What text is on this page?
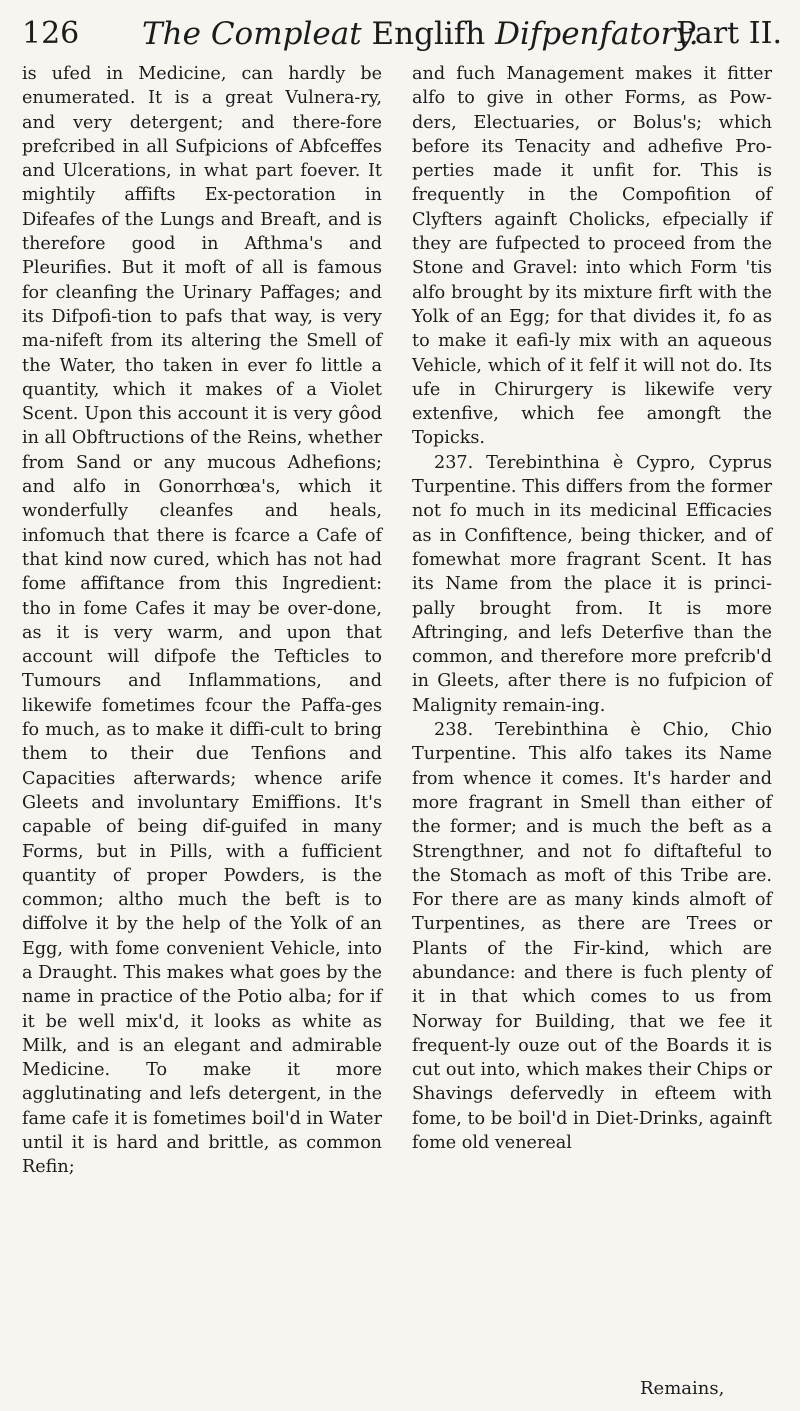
126 The Compleat Englifh Difpenfatory.
Part II.

is ufed in Medicine, can hardly be enumerated. It is a great Vulnera-ry, and very detergent; and there-fore prefcribed in all Sufpicions of Abfceffes and Ulcerations, in what part foever. It mightily affifts Ex-pectoration in Difeafes of the Lungs and Breaft, and is therefore good in Afthma's and Pleurifies. But it moft of all is famous for cleanfing the Urinary Paffages; and its Difpofi-tion to pafs that way, is very ma-nifeft from its altering the Smell of the Water, tho taken in ever fo little a quantity, which it makes of a Violet Scent. Upon this account it is very gôod in all Obftructions of the Reins, whether from Sand or any mucous Adhefions; and alfo in Gonorrhœa's, which it wonderfully cleanfes and heals, infomuch that there is fcarce a Cafe of that kind now cured, which has not had fome affiftance from this Ingredient: tho in fome Cafes it may be over-done, as it is very warm, and upon that account will difpofe the Tefticles to Tumours and Inflammations, and likewife fometimes fcour the Paffa-ges fo much, as to make it diffi-cult to bring them to their due Tenfions and Capacities afterwards; whence arife Gleets and involuntary Emiffions. It's capable of being dif-guifed in many Forms, but in Pills, with a fufficient quantity of proper Powders, is the common; altho much the beft is to diffolve it by the help of the Yolk of an Egg, with fome convenient Vehicle, into a Draught. This makes what goes by the name in practice of the Potio alba; for if it be well mix'd, it looks as white as Milk, and is an elegant and admirable Medicine. To make it more agglutinating and lefs detergent, in the fame cafe it is fometimes boil'd in Water until it is hard and brittle, as common Refin;

and fuch Management makes it fitter alfo to give in other Forms, as Pow-ders, Electuaries, or Bolus's; which before its Tenacity and adhefive Pro-perties made it unfit for. This is frequently in the Compofition of Clyfters againft Cholicks, efpecially if they are fufpected to proceed from the Stone and Gravel: into which Form 'tis alfo brought by its mixture firft with the Yolk of an Egg; for that divides it, fo as to make it eafi-ly mix with an aqueous Vehicle, which of it felf it will not do. Its ufe in Chirurgery is likewife very extenfive, which fee amongft the Topicks.

237. Terebinthina è Cypro, Cyprus Turpentine. This differs from the former not fo much in its medicinal Efficacies as in Confiftence, being thicker, and of fomewhat more fragrant Scent. It has its Name from the place it is princi-pally brought from. It is more Aftringing, and lefs Deterfive than the common, and therefore more prefcrib'd in Gleets, after there is no fufpicion of Malignity remain-ing.

238. Terebinthina è Chio, Chio Turpentine. This alfo takes its Name from whence it comes. It's harder and more fragrant in Smell than either of the former; and is much the beft as a Strengthner, and not fo diftafteful to the Stomach as moft of this Tribe are. For there are as many kinds almoft of Turpentines, as there are Trees or Plants of the Fir-kind, which are abundance: and there is fuch plenty of it in that which comes to us from Norway for Building, that we fee it frequent-ly ouze out of the Boards it is cut out into, which makes their Chips or Shavings defervedly in efteem with fome, to be boil'd in Diet-Drinks, againft fome old venereal

Remains,
